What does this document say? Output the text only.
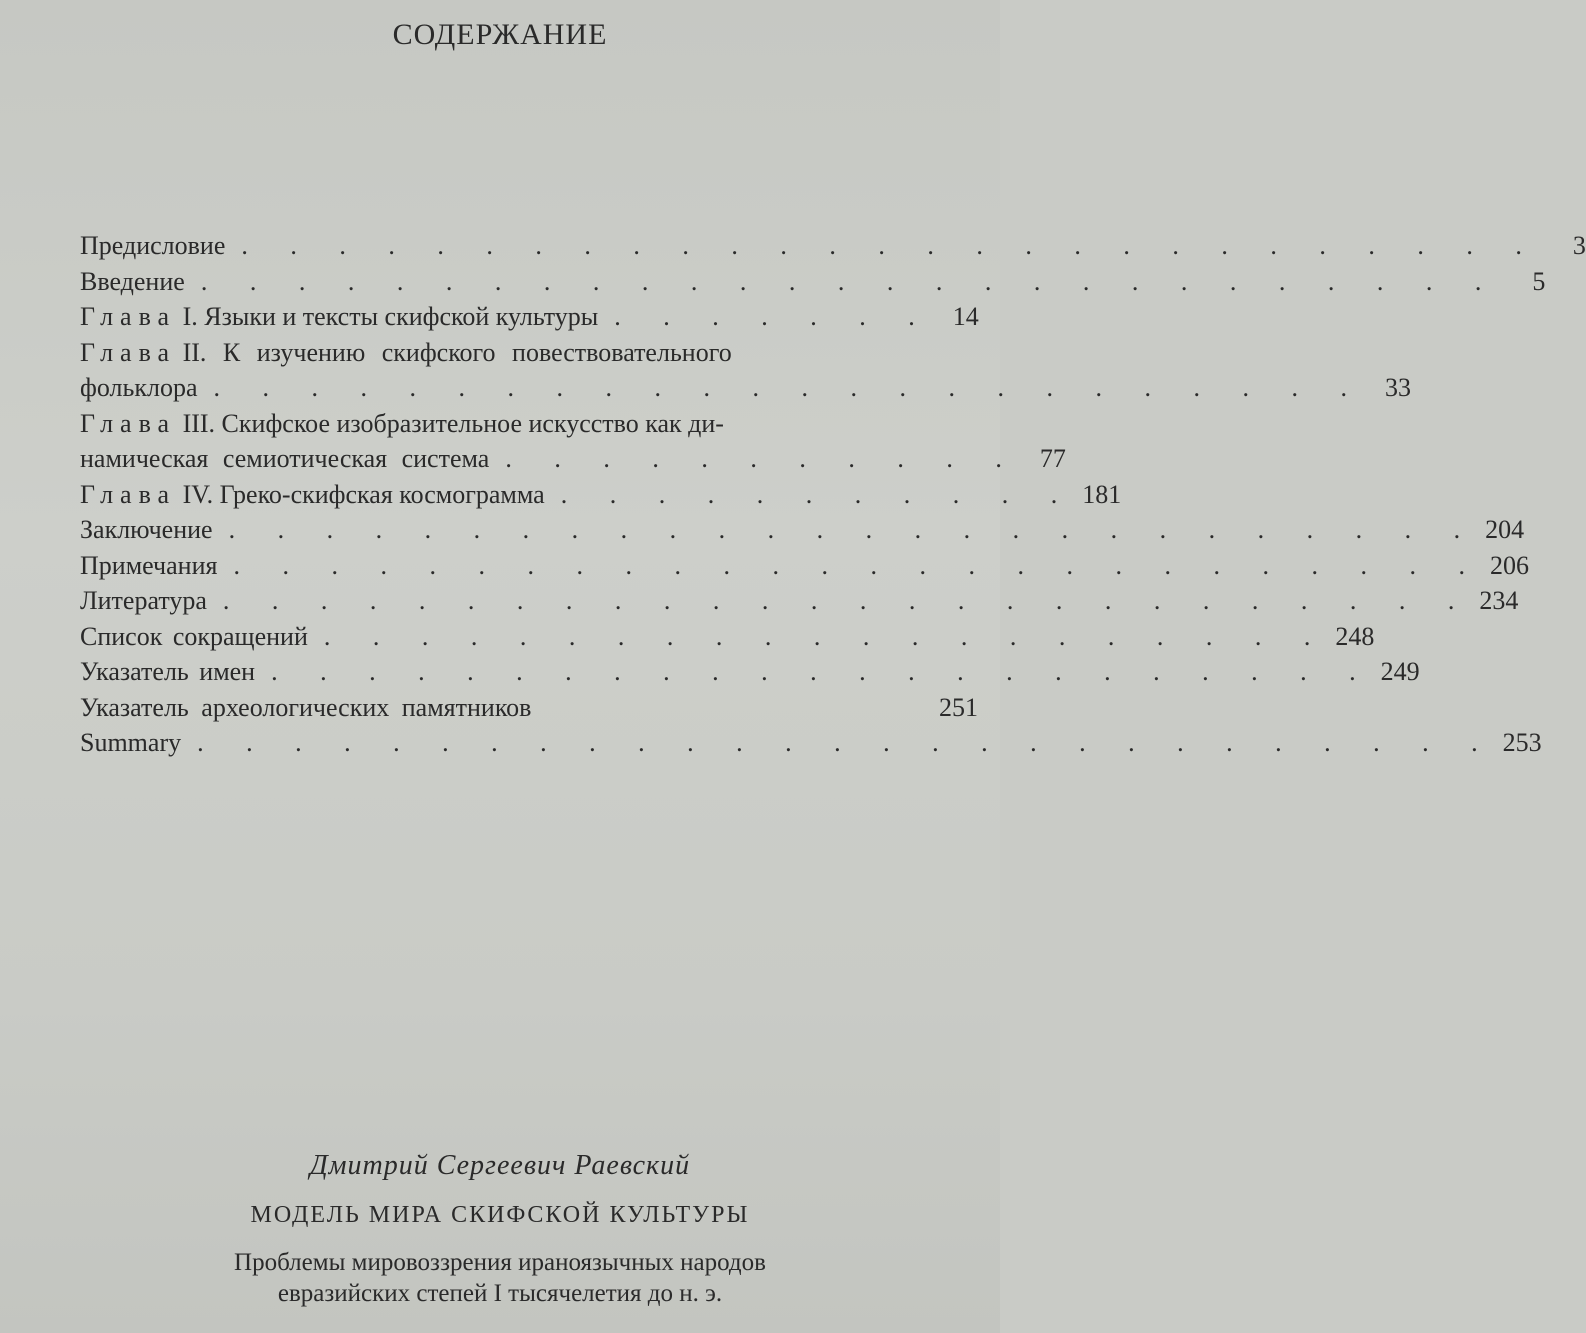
СОДЕРЖАНИЕ
Предисловие . . . . . . . . . . . . . . . . . . . . . . . . . . .	3
Введение . . . . . . . . . . . . . . . . . . . . . . . . . . .	5
Глава I. Языки и тексты скифской культуры . . . . . . . 14
Глава II. К изучению скифского повествовательного
фольклора . . . . . . . . . . . . . . . . . . . . . . . . 33
Глава III. Скифское изобразительное искусство как ди-
намическая семиотическая система . . . . . . . . . . . 77
Глава IV. Греко-скифская космограмма . . . . . . . . . . . 181
Заключение . . . . . . . . . . . . . . . . . . . . . . . . . . 204
Примечания . . . . . . . . . . . . . . . . . . . . . . . . . . 206
Литература . . . . . . . . . . . . . . . . . . . . . . . . . . 234
Список сокращений . . . . . . . . . . . . . . . . . . . . . 248
Указатель имен . . . . . . . . . . . . . . . . . . . . . . . 249
Указатель археологических памятников	251
Summary . . . . . . . . . . . . . . . . . . . . . . . . . . . 253
Дмитрий Сергеевич Раевский
МОДЕЛЬ МИРА СКИФСКОЙ КУЛЬТУРЫ
Проблемы мировоззрения ираноязычных народов
евразийских степей I тысячелетия до н. э.
